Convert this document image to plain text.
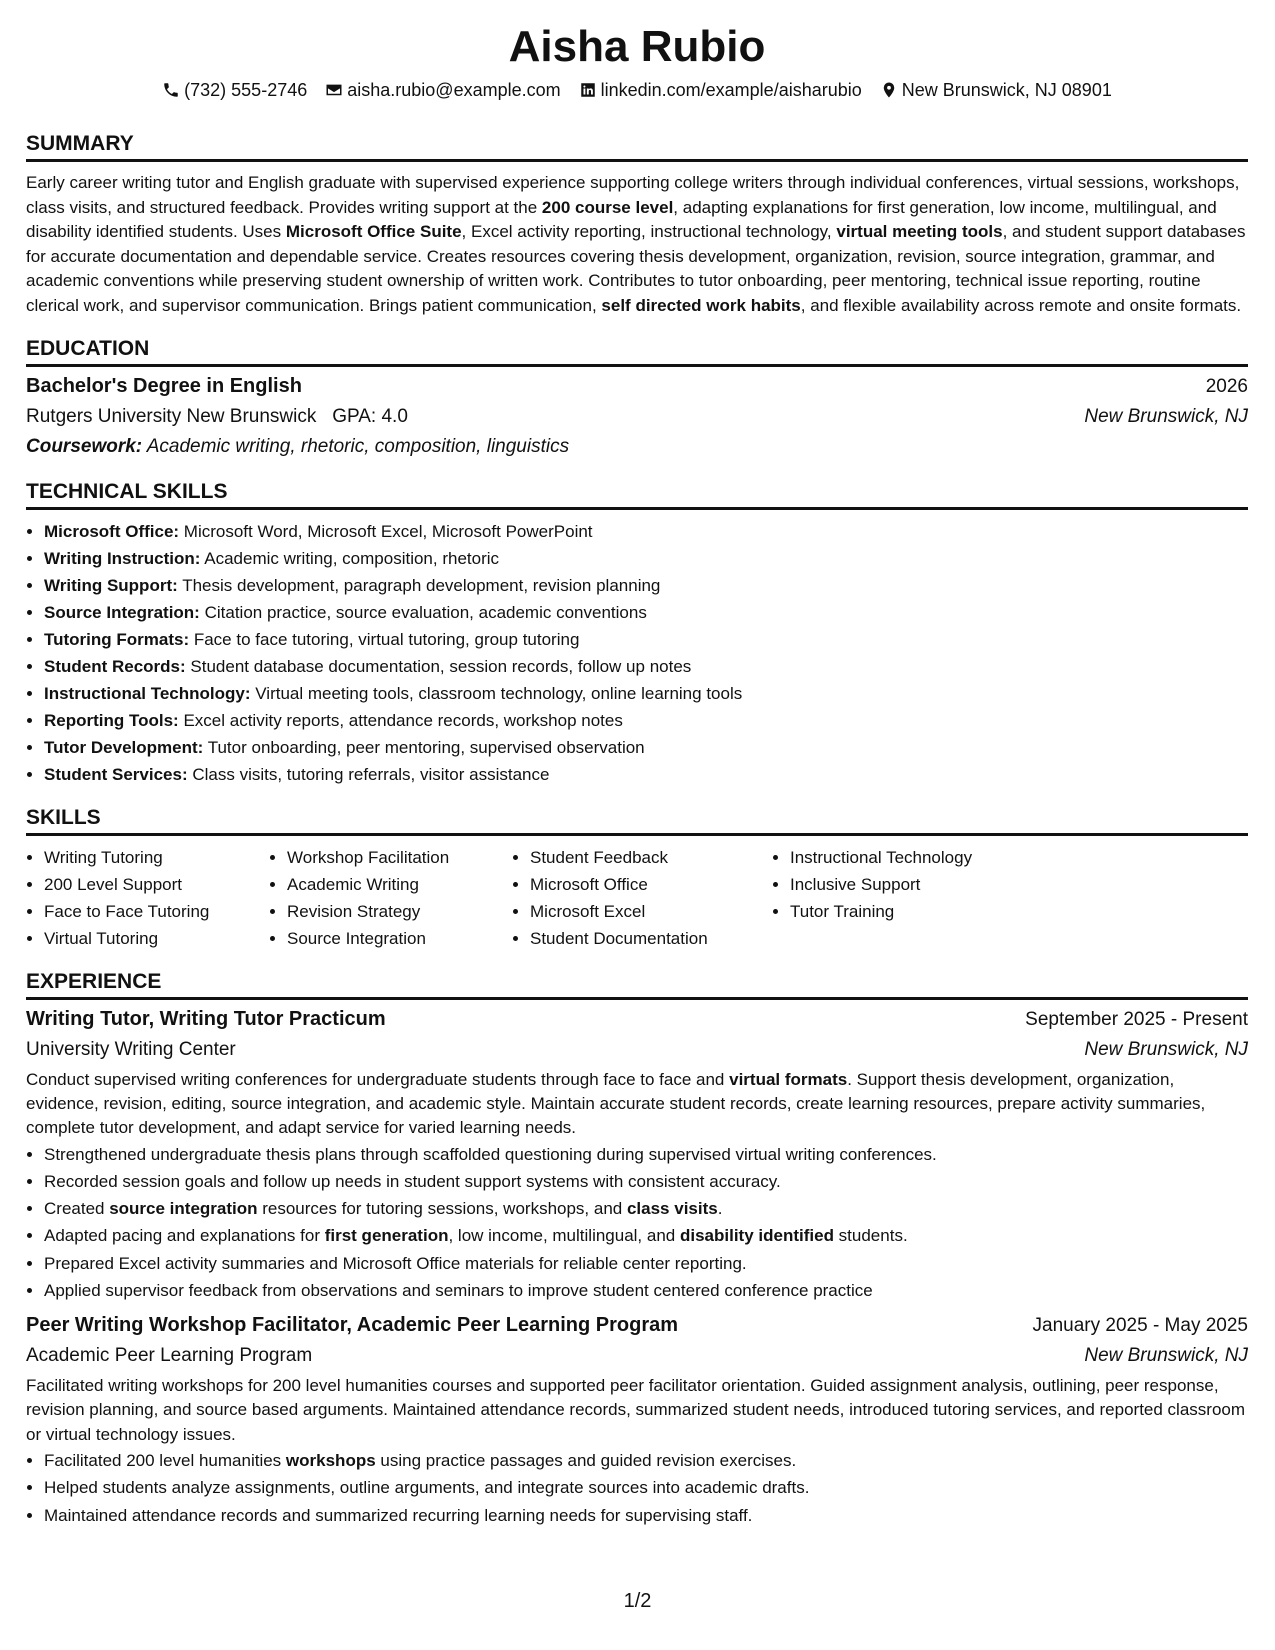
Aisha Rubio
(732) 555-2746 aisha.rubio@example.com linkedin.com/example/aisharubio New Brunswick, NJ 08901
SUMMARY
Early career writing tutor and English graduate with supervised experience supporting college writers through individual conferences, virtual sessions, workshops, class visits, and structured feedback. Provides writing support at the 200 course level, adapting explanations for first generation, low income, multilingual, and disability identified students. Uses Microsoft Office Suite, Excel activity reporting, instructional technology, virtual meeting tools, and student support databases for accurate documentation and dependable service. Creates resources covering thesis development, organization, revision, source integration, grammar, and academic conventions while preserving student ownership of written work. Contributes to tutor onboarding, peer mentoring, technical issue reporting, routine clerical work, and supervisor communication. Brings patient communication, self directed work habits, and flexible availability across remote and onsite formats.
EDUCATION
Bachelor's Degree in English	2026
Rutgers University New Brunswick GPA: 4.0	New Brunswick, NJ
Coursework: Academic writing, rhetoric, composition, linguistics
TECHNICAL SKILLS
• Microsoft Office: Microsoft Word, Microsoft Excel, Microsoft PowerPoint
• Writing Instruction: Academic writing, composition, rhetoric
• Writing Support: Thesis development, paragraph development, revision planning
• Source Integration: Citation practice, source evaluation, academic conventions
• Tutoring Formats: Face to face tutoring, virtual tutoring, group tutoring
• Student Records: Student database documentation, session records, follow up notes
• Instructional Technology: Virtual meeting tools, classroom technology, online learning tools
• Reporting Tools: Excel activity reports, attendance records, workshop notes
• Tutor Development: Tutor onboarding, peer mentoring, supervised observation
• Student Services: Class visits, tutoring referrals, visitor assistance
SKILLS
• Writing Tutoring
• 200 Level Support
• Face to Face Tutoring
• Virtual Tutoring
• Workshop Facilitation
• Academic Writing
• Revision Strategy
• Source Integration
• Student Feedback
• Microsoft Office
• Microsoft Excel
• Student Documentation
• Instructional Technology
• Inclusive Support
• Tutor Training
EXPERIENCE
Writing Tutor, Writing Tutor Practicum	September 2025 - Present
University Writing Center	New Brunswick, NJ
Conduct supervised writing conferences for undergraduate students through face to face and virtual formats. Support thesis development, organization, evidence, revision, editing, source integration, and academic style. Maintain accurate student records, create learning resources, prepare activity summaries, complete tutor development, and adapt service for varied learning needs.
• Strengthened undergraduate thesis plans through scaffolded questioning during supervised virtual writing conferences.
• Recorded session goals and follow up needs in student support systems with consistent accuracy.
• Created source integration resources for tutoring sessions, workshops, and class visits.
• Adapted pacing and explanations for first generation, low income, multilingual, and disability identified students.
• Prepared Excel activity summaries and Microsoft Office materials for reliable center reporting.
• Applied supervisor feedback from observations and seminars to improve student centered conference practice
Peer Writing Workshop Facilitator, Academic Peer Learning Program	January 2025 - May 2025
Academic Peer Learning Program	New Brunswick, NJ
Facilitated writing workshops for 200 level humanities courses and supported peer facilitator orientation. Guided assignment analysis, outlining, peer response, revision planning, and source based arguments. Maintained attendance records, summarized student needs, introduced tutoring services, and reported classroom or virtual technology issues.
• Facilitated 200 level humanities workshops using practice passages and guided revision exercises.
• Helped students analyze assignments, outline arguments, and integrate sources into academic drafts.
• Maintained attendance records and summarized recurring learning needs for supervising staff.
1/2
